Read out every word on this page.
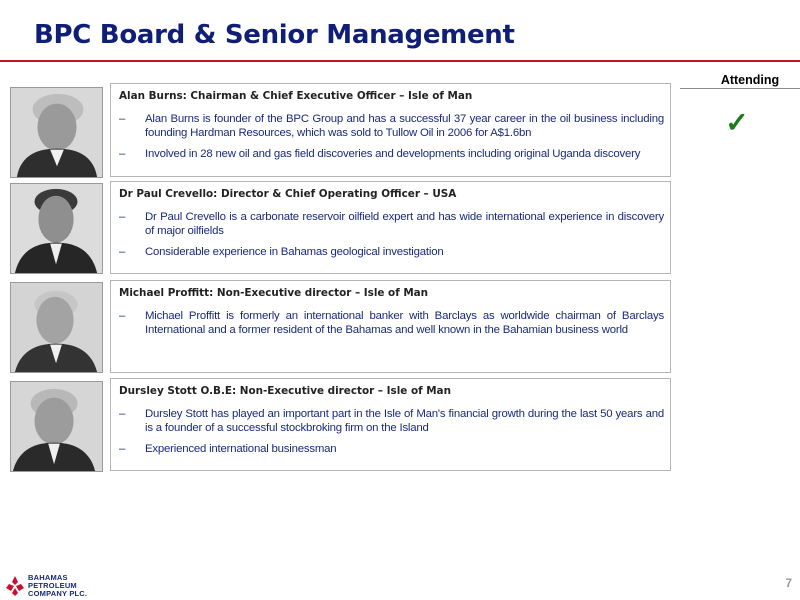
BPC Board & Senior Management
Attending
✓
Alan Burns: Chairman & Chief Executive Officer – Isle of Man
– Alan Burns is founder of the BPC Group and has a successful 37 year career in the oil business including founding Hardman Resources, which was sold to Tullow Oil in 2006 for A$1.6bn
– Involved in 28 new oil and gas field discoveries and developments including original Uganda discovery
Dr Paul Crevello: Director & Chief Operating Officer – USA
– Dr Paul Crevello is a carbonate reservoir oilfield expert and has wide international experience in discovery of major oilfields
– Considerable experience in Bahamas geological investigation
Michael Proffitt: Non-Executive director – Isle of Man
– Michael Proffitt is formerly an international banker with Barclays as worldwide chairman of Barclays International and a former resident of the Bahamas and well known in the Bahamian business world
Dursley Stott O.B.E: Non-Executive director – Isle of Man
– Dursley Stott has played an important part in the Isle of Man's financial growth during the last 50 years and is a founder of a successful stockbroking firm on the Island
– Experienced international businessman
BAHAMAS
PETROLEUM
COMPANY PLC.
7
